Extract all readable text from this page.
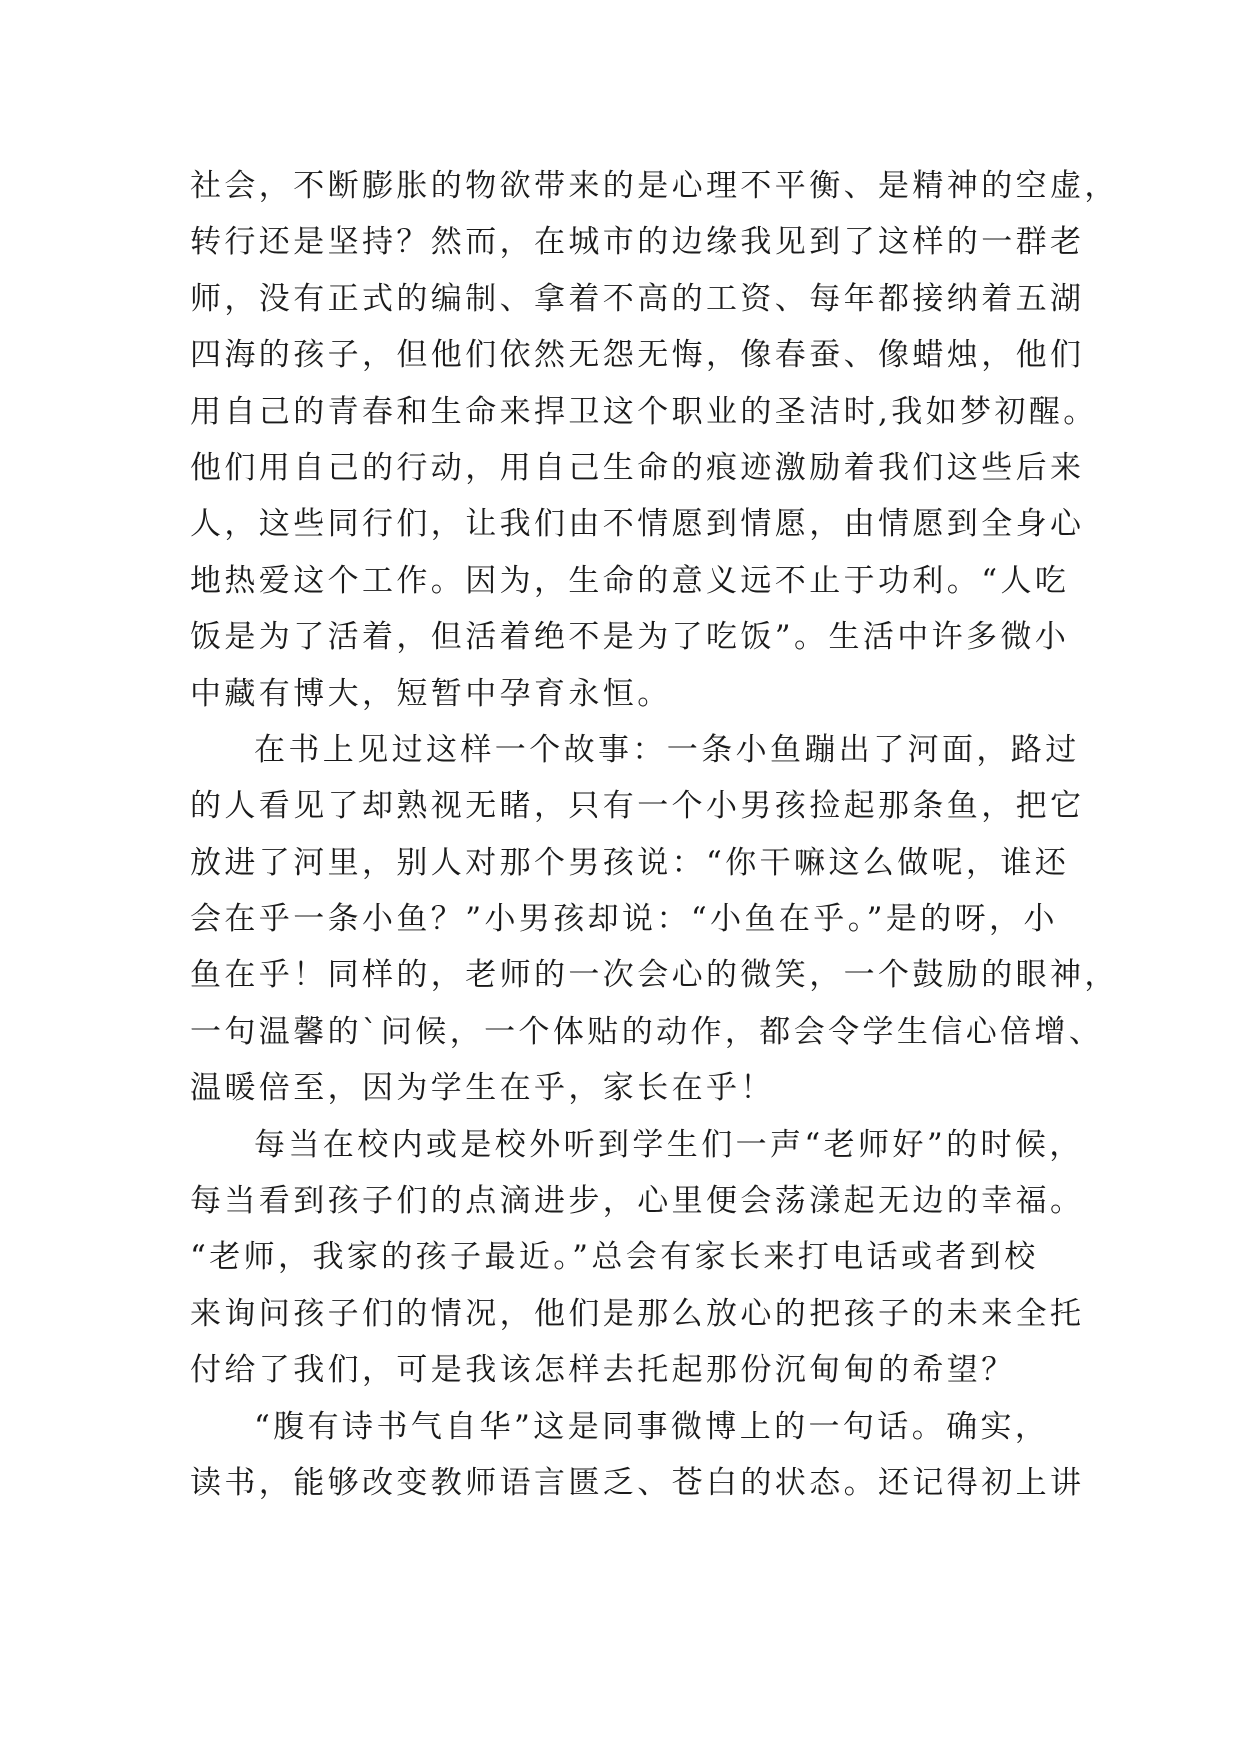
社会，不断膨胀的物欲带来的是心理不平衡、是精神的空虚，
转行还是坚持？然而，在城市的边缘我见到了这样的一群老
师，没有正式的编制、拿着不高的工资、每年都接纳着五湖
四海的孩子，但他们依然无怨无悔，像春蚕、像蜡烛，他们
用自己的青春和生命来捍卫这个职业的圣洁时,我如梦初醒。
他们用自己的行动，用自己生命的痕迹激励着我们这些后来
人，这些同行们，让我们由不情愿到情愿，由情愿到全身心
地热爱这个工作。因为，生命的意义远不止于功利。“人吃
饭是为了活着，但活着绝不是为了吃饭”。生活中许多微小
中藏有博大，短暂中孕育永恒。
在书上见过这样一个故事：一条小鱼蹦出了河面，路过
的人看见了却熟视无睹，只有一个小男孩捡起那条鱼，把它
放进了河里，别人对那个男孩说：“你干嘛这么做呢，谁还
会在乎一条小鱼？”小男孩却说：“小鱼在乎。”是的呀，小
鱼在乎！同样的，老师的一次会心的微笑，一个鼓励的眼神，
一句温馨的`问候，一个体贴的动作，都会令学生信心倍增、
温暖倍至，因为学生在乎，家长在乎！
每当在校内或是校外听到学生们一声“老师好”的时候，
每当看到孩子们的点滴进步，心里便会荡漾起无边的幸福。
“老师，我家的孩子最近。”总会有家长来打电话或者到校
来询问孩子们的情况，他们是那么放心的把孩子的未来全托
付给了我们，可是我该怎样去托起那份沉甸甸的希望？
“腹有诗书气自华”这是同事微博上的一句话。确实，
读书，能够改变教师语言匮乏、苍白的状态。还记得初上讲
